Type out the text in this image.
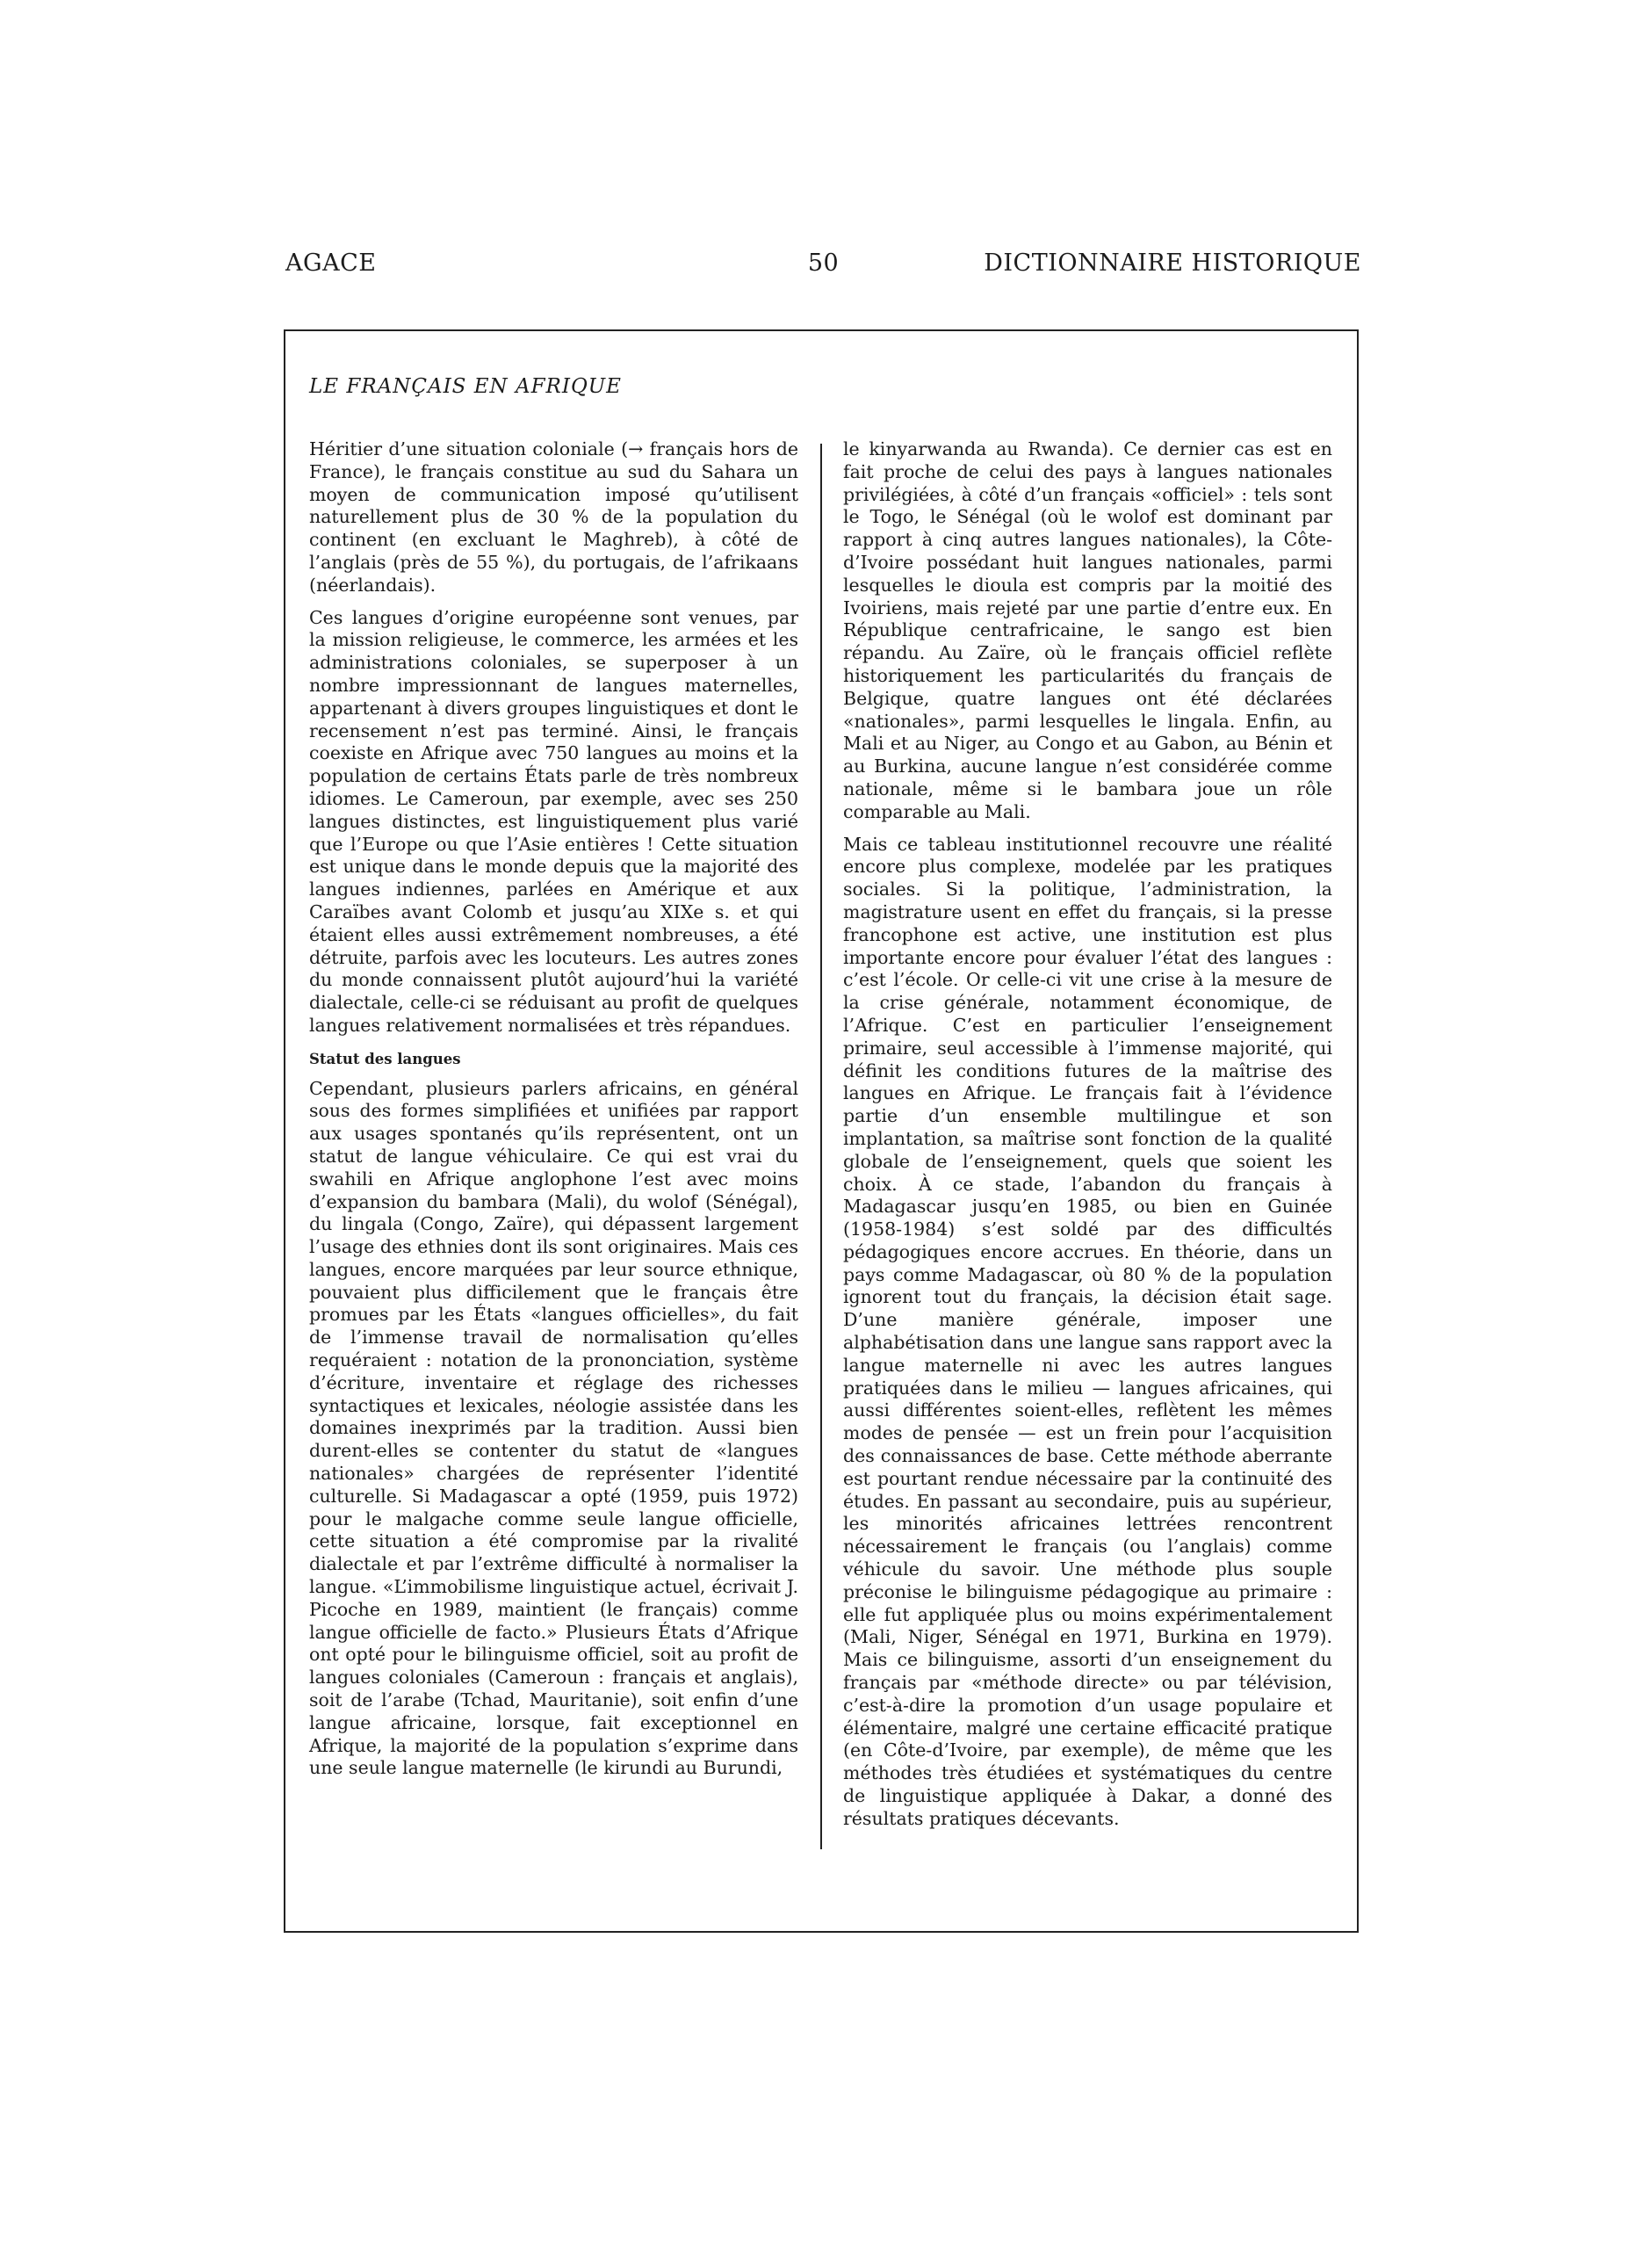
AGACE	50	DICTIONNAIRE HISTORIQUE
LE FRANÇAIS EN AFRIQUE

Héritier d’une situation coloniale (→ français hors de France), le français constitue au sud du Sahara un moyen de communication imposé qu’utilisent naturellement plus de 30 % de la population du continent (en excluant le Maghreb), à côté de l’anglais (près de 55 %), du portugais, de l’afrikaans (néerlandais).

Ces langues d’origine européenne sont venues, par la mission religieuse, le commerce, les armées et les administrations coloniales, se superposer à un nombre impressionnant de langues maternelles, appartenant à divers groupes linguistiques et dont le recensement n’est pas terminé. Ainsi, le français coexiste en Afrique avec 750 langues au moins et la population de certains États parle de très nombreux idiomes. Le Cameroun, par exemple, avec ses 250 langues distinctes, est linguistiquement plus varié que l’Europe ou que l’Asie entières ! Cette situation est unique dans le monde depuis que la majorité des langues indiennes, parlées en Amérique et aux Caraïbes avant Colomb et jusqu’au XIXe s. et qui étaient elles aussi extrêmement nombreuses, a été détruite, parfois avec les locuteurs. Les autres zones du monde connaissent plutôt aujourd’hui la variété dialectale, celle-ci se réduisant au profit de quelques langues relativement normalisées et très répandues.

Statut des langues

Cependant, plusieurs parlers africains, en général sous des formes simplifiées et unifiées par rapport aux usages spontanés qu’ils représentent, ont un statut de langue véhiculaire. Ce qui est vrai du swahili en Afrique anglophone l’est avec moins d’expansion du bambara (Mali), du wolof (Sénégal), du lingala (Congo, Zaïre), qui dépassent largement l’usage des ethnies dont ils sont originaires. Mais ces langues, encore marquées par leur source ethnique, pouvaient plus difficilement que le français être promues par les États «langues officielles», du fait de l’immense travail de normalisation qu’elles requéraient : notation de la prononciation, système d’écriture, inventaire et réglage des richesses syntactiques et lexicales, néologie assistée dans les domaines inexprimés par la tradition. Aussi bien durent-elles se contenter du statut de «langues nationales» chargées de représenter l’identité culturelle. Si Madagascar a opté (1959, puis 1972) pour le malgache comme seule langue officielle, cette situation a été compromise par la rivalité dialectale et par l’extrême difficulté à normaliser la langue. «L’immobilisme linguistique actuel, écrivait J. Picoche en 1989, maintient (le français) comme langue officielle de facto.» Plusieurs États d’Afrique ont opté pour le bilinguisme officiel, soit au profit de langues coloniales (Cameroun : français et anglais), soit de l’arabe (Tchad, Mauritanie), soit enfin d’une langue africaine, lorsque, fait exceptionnel en Afrique, la majorité de la population s’exprime dans une seule langue maternelle (le kirundi au Burundi,

le kinyarwanda au Rwanda). Ce dernier cas est en fait proche de celui des pays à langues nationales privilégiées, à côté d’un français «officiel» : tels sont le Togo, le Sénégal (où le wolof est dominant par rapport à cinq autres langues nationales), la Côte-d’Ivoire possédant huit langues nationales, parmi lesquelles le dioula est compris par la moitié des Ivoiriens, mais rejeté par une partie d’entre eux. En République centrafricaine, le sango est bien répandu. Au Zaïre, où le français officiel reflète historiquement les particularités du français de Belgique, quatre langues ont été déclarées «nationales», parmi lesquelles le lingala. Enfin, au Mali et au Niger, au Congo et au Gabon, au Bénin et au Burkina, aucune langue n’est considérée comme nationale, même si le bambara joue un rôle comparable au Mali.

Mais ce tableau institutionnel recouvre une réalité encore plus complexe, modelée par les pratiques sociales. Si la politique, l’administration, la magistrature usent en effet du français, si la presse francophone est active, une institution est plus importante encore pour évaluer l’état des langues : c’est l’école. Or celle-ci vit une crise à la mesure de la crise générale, notamment économique, de l’Afrique. C’est en particulier l’enseignement primaire, seul accessible à l’immense majorité, qui définit les conditions futures de la maîtrise des langues en Afrique. Le français fait à l’évidence partie d’un ensemble multilingue et son implantation, sa maîtrise sont fonction de la qualité globale de l’enseignement, quels que soient les choix. À ce stade, l’abandon du français à Madagascar jusqu’en 1985, ou bien en Guinée (1958-1984) s’est soldé par des difficultés pédagogiques encore accrues. En théorie, dans un pays comme Madagascar, où 80 % de la population ignorent tout du français, la décision était sage. D’une manière générale, imposer une alphabétisation dans une langue sans rapport avec la langue maternelle ni avec les autres langues pratiquées dans le milieu — langues africaines, qui aussi différentes soient-elles, reflètent les mêmes modes de pensée — est un frein pour l’acquisition des connaissances de base. Cette méthode aberrante est pourtant rendue nécessaire par la continuité des études. En passant au secondaire, puis au supérieur, les minorités africaines lettrées rencontrent nécessairement le français (ou l’anglais) comme véhicule du savoir. Une méthode plus souple préconise le bilinguisme pédagogique au primaire : elle fut appliquée plus ou moins expérimentalement (Mali, Niger, Sénégal en 1971, Burkina en 1979). Mais ce bilinguisme, assorti d’un enseignement du français par «méthode directe» ou par télévision, c’est-à-dire la promotion d’un usage populaire et élémentaire, malgré une certaine efficacité pratique (en Côte-d’Ivoire, par exemple), de même que les méthodes très étudiées et systématiques du centre de linguistique appliquée à Dakar, a donné des résultats pratiques décevants.
